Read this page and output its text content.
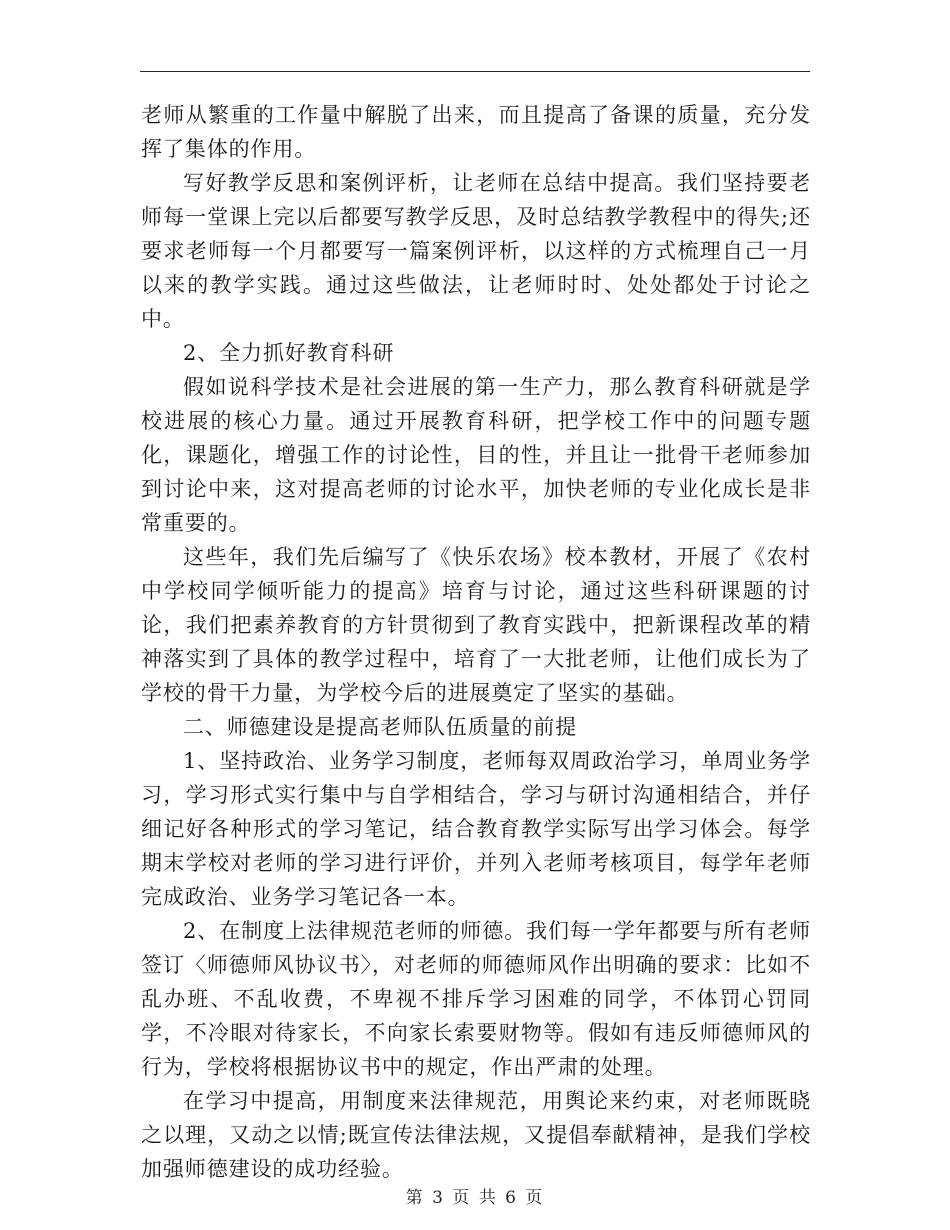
老师从繁重的工作量中解脱了出来，而且提高了备课的质量，充分发挥了集体的作用。

写好教学反思和案例评析，让老师在总结中提高。我们坚持要老师每一堂课上完以后都要写教学反思，及时总结教学教程中的得失;还要求老师每一个月都要写一篇案例评析，以这样的方式梳理自己一月以来的教学实践。通过这些做法，让老师时时、处处都处于讨论之中。

2、全力抓好教育科研

假如说科学技术是社会进展的第一生产力，那么教育科研就是学校进展的核心力量。通过开展教育科研，把学校工作中的问题专题化，课题化，增强工作的讨论性，目的性，并且让一批骨干老师参加到讨论中来，这对提高老师的讨论水平，加快老师的专业化成长是非常重要的。

这些年，我们先后编写了《快乐农场》校本教材，开展了《农村中学校同学倾听能力的提高》培育与讨论，通过这些科研课题的讨论，我们把素养教育的方针贯彻到了教育实践中，把新课程改革的精神落实到了具体的教学过程中，培育了一大批老师，让他们成长为了学校的骨干力量，为学校今后的进展奠定了坚实的基础。

二、师德建设是提高老师队伍质量的前提

1、坚持政治、业务学习制度，老师每双周政治学习，单周业务学习，学习形式实行集中与自学相结合，学习与研讨沟通相结合，并仔细记好各种形式的学习笔记，结合教育教学实际写出学习体会。每学期末学校对老师的学习进行评价，并列入老师考核项目，每学年老师完成政治、业务学习笔记各一本。

2、在制度上法律规范老师的师德。我们每一学年都要与所有老师签订〈师德师风协议书〉，对老师的师德师风作出明确的要求：比如不乱办班、不乱收费，不卑视不排斥学习困难的同学，不体罚心罚同学，不冷眼对待家长，不向家长索要财物等。假如有违反师德师风的行为，学校将根据协议书中的规定，作出严肃的处理。

在学习中提高，用制度来法律规范，用舆论来约束，对老师既晓之以理，又动之以情;既宣传法律法规，又提倡奉献精神，是我们学校加强师德建设的成功经验。

第 3 页 共 6 页
